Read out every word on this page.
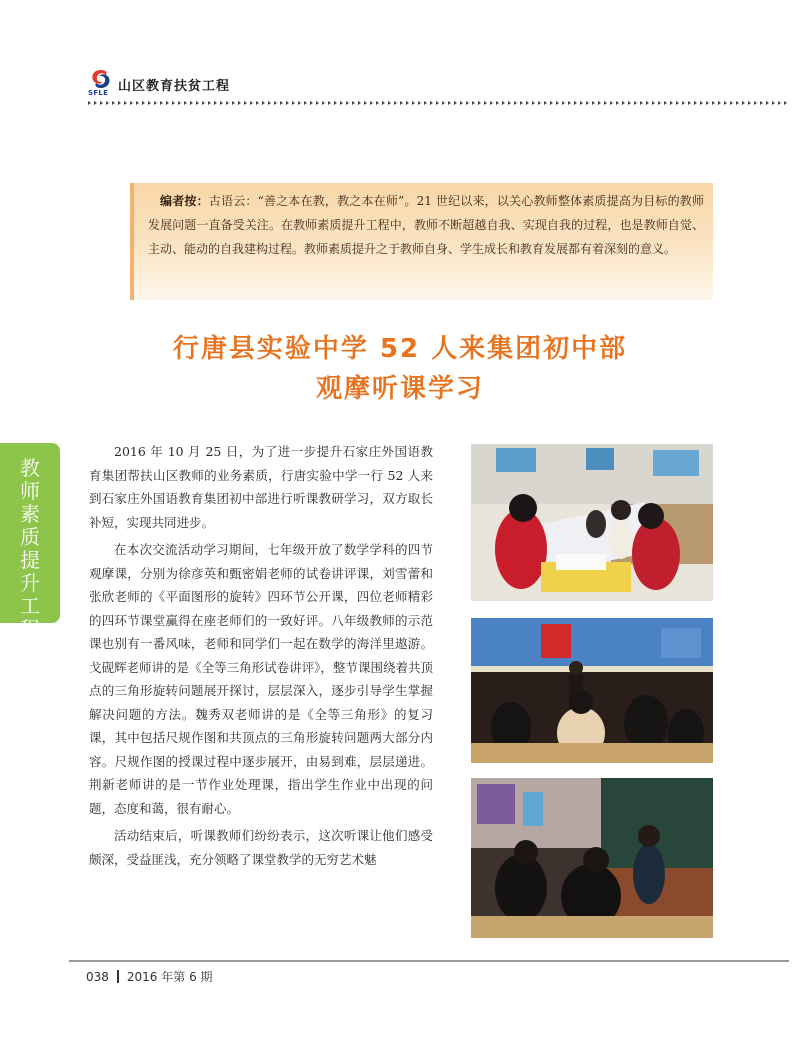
SFLE 山区教育扶贫工程

编者按：古语云：“善之本在教，教之本在师”。21 世纪以来，以关心教师整体素质提高为目标的教师发展问题一直备受关注。在教师素质提升工程中，教师不断超越自我、实现自我的过程，也是教师自觉、主动、能动的自我建构过程。教师素质提升之于教师自身、学生成长和教育发展都有着深刻的意义。

行唐县实验中学 52 人来集团初中部
观摩听课学习
教师素质提升工程

2016 年 10 月 25 日，为了进一步提升石家庄外国语教育集团帮扶山区教师的业务素质，行唐实验中学一行 52 人来到石家庄外国语教育集团初中部进行听课教研学习，双方取长补短，实现共同进步。

在本次交流活动学习期间，七年级开放了数学学科的四节观摩课，分别为徐彦英和甄密娟老师的试卷讲评课，刘雪蕾和张欣老师的《平面图形的旋转》四环节公开课，四位老师精彩的四环节课堂赢得在座老师们的一致好评。八年级教师的示范课也别有一番风味，老师和同学们一起在数学的海洋里遨游。戈砚辉老师讲的是《全等三角形试卷讲评》，整节课围绕着共顶点的三角形旋转问题展开探讨，层层深入，逐步引导学生掌握解决问题的方法。魏秀双老师讲的是《全等三角形》的复习课，其中包括尺规作图和共顶点的三角形旋转问题两大部分内容。尺规作图的授课过程中逐步展开，由易到难，层层递进。荆新老师讲的是一节作业处理课，指出学生作业中出现的问题，态度和蔼，很有耐心。

活动结束后，听课教师们纷纷表示，这次听课让他们感受颇深，受益匪浅，充分领略了课堂教学的无穷艺术魅

038 2016 年第 6 期
